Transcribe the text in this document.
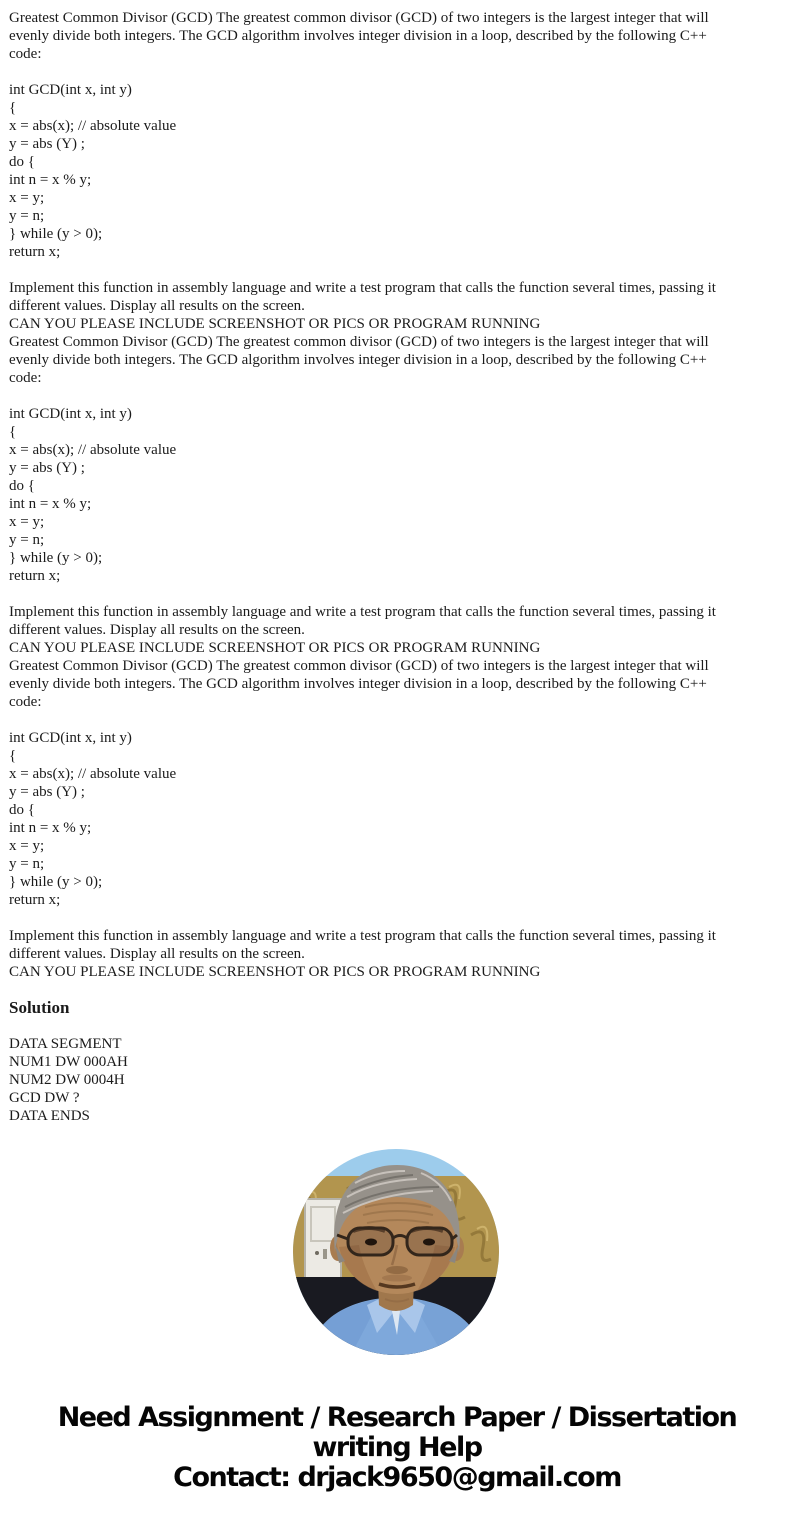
Greatest Common Divisor (GCD) The greatest common divisor (GCD) of two integers is the largest integer that will
evenly divide both integers. The GCD algorithm involves integer division in a loop, described by the following C++
code:

int GCD(int x, int y)
{
x = abs(x); // absolute value
y = abs (Y) ;
do {
int n = x % y;
x = y;
y = n;
} while (y > 0);
return x;

Implement this function in assembly language and write a test program that calls the function several times, passing it
different values. Display all results on the screen.
CAN YOU PLEASE INCLUDE SCREENSHOT OR PICS OR PROGRAM RUNNING
Greatest Common Divisor (GCD) The greatest common divisor (GCD) of two integers is the largest integer that will
evenly divide both integers. The GCD algorithm involves integer division in a loop, described by the following C++
code:

int GCD(int x, int y)
{
x = abs(x); // absolute value
y = abs (Y) ;
do {
int n = x % y;
x = y;
y = n;
} while (y > 0);
return x;

Implement this function in assembly language and write a test program that calls the function several times, passing it
different values. Display all results on the screen.
CAN YOU PLEASE INCLUDE SCREENSHOT OR PICS OR PROGRAM RUNNING
Greatest Common Divisor (GCD) The greatest common divisor (GCD) of two integers is the largest integer that will
evenly divide both integers. The GCD algorithm involves integer division in a loop, described by the following C++
code:

int GCD(int x, int y)
{
x = abs(x); // absolute value
y = abs (Y) ;
do {
int n = x % y;
x = y;
y = n;
} while (y > 0);
return x;

Implement this function in assembly language and write a test program that calls the function several times, passing it
different values. Display all results on the screen.
CAN YOU PLEASE INCLUDE SCREENSHOT OR PICS OR PROGRAM RUNNING

Solution

DATA SEGMENT
NUM1 DW 000AH
NUM2 DW 0004H
GCD DW ?
DATA ENDS
Need Assignment / Research Paper / Dissertation
writing Help
Contact: drjack9650@gmail.com
